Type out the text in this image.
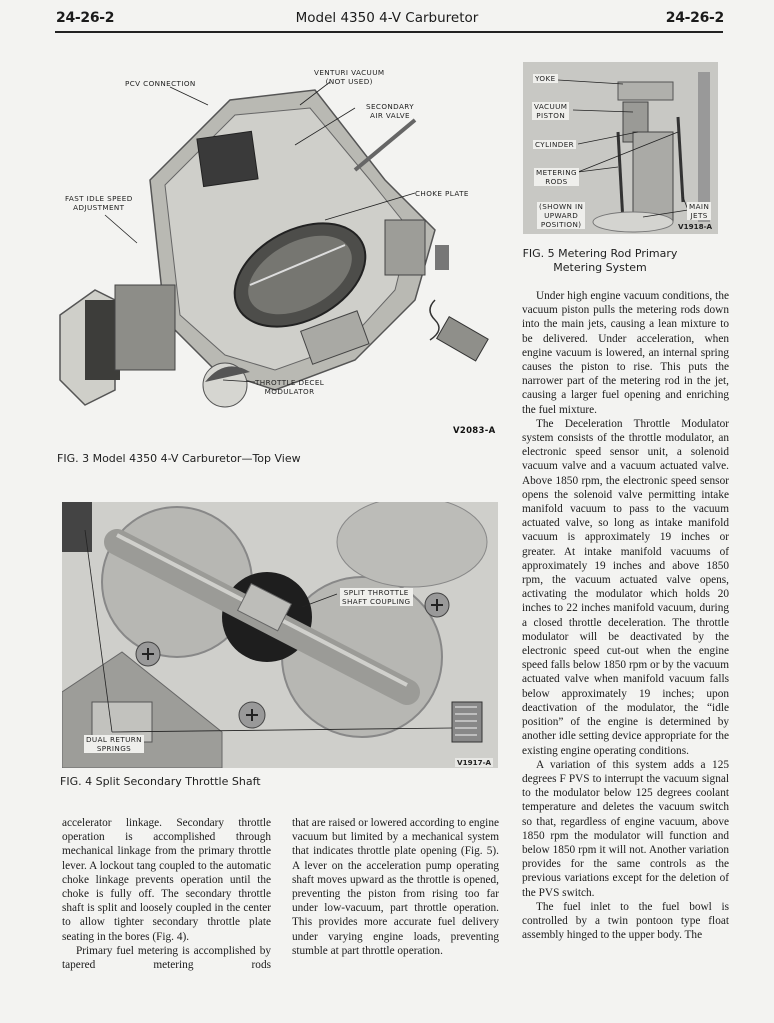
24-26-2	Model 4350 4-V Carburetor	24-26-2
PCV CONNECTION
VENTURI VACUUM
(NOT USED)
SECONDARY
AIR VALVE
FAST IDLE SPEED
ADJUSTMENT
CHOKE PLATE
THROTTLE DECEL
MODULATOR
V2083-A
FIG. 3 Model 4350 4-V Carburetor—Top View
SPLIT THROTTLE
SHAFT COUPLING
DUAL RETURN
SPRINGS
V1917-A
FIG. 4 Split Secondary Throttle Shaft
YOKE
VACUUM
PISTON
CYLINDER
METERING
RODS
(SHOWN IN
UPWARD
POSITION)
MAIN
JETS
V1918-A
FIG. 5 Metering Rod Primary
Metering System

accelerator linkage. Secondary throttle operation is accomplished through mechanical linkage from the primary throttle lever. A lockout tang coupled to the automatic choke linkage prevents operation until the choke is fully off. The secondary throttle shaft is split and loosely coupled in the center to allow tighter secondary throttle plate seating in the bores (Fig. 4).

Primary fuel metering is accomplished by tapered metering rods

that are raised or lowered according to engine vacuum but limited by a mechanical system that indicates throttle plate opening (Fig. 5). A lever on the acceleration pump operating shaft moves upward as the throttle is opened, preventing the piston from rising too far under low-vacuum, part throttle operation. This provides more accurate fuel delivery under varying engine loads, preventing stumble at part throttle operation.

Under high engine vacuum conditions, the vacuum piston pulls the metering rods down into the main jets, causing a lean mixture to be delivered. Under acceleration, when engine vacuum is lowered, an internal spring causes the piston to rise. This puts the narrower part of the metering rod in the jet, causing a larger fuel opening and enriching the fuel mixture.

The Deceleration Throttle Modulator system consists of the throttle modulator, an electronic speed sensor unit, a solenoid vacuum valve and a vacuum actuated valve. Above 1850 rpm, the electronic speed sensor opens the solenoid valve permitting intake manifold vacuum to pass to the vacuum actuated valve, so long as intake manifold vacuum is approximately 19 inches or greater. At intake manifold vacuums of approximately 19 inches and above 1850 rpm, the vacuum actuated valve opens, activating the modulator which holds 20 inches to 22 inches manifold vacuum, during a closed throttle deceleration. The throttle modulator will be deactivated by the electronic speed cut-out when the engine speed falls below 1850 rpm or by the vacuum actuated valve when manifold vacuum falls below approximately 19 inches; upon deactivation of the modulator, the “idle position” of the engine is determined by another idle setting device appropriate for the existing engine operating conditions.

A variation of this system adds a 125 degrees F PVS to interrupt the vacuum signal to the modulator below 125 degrees coolant temperature and deletes the vacuum switch so that, regardless of engine vacuum, above 1850 rpm the modulator will function and below 1850 rpm it will not. Another variation provides for the same controls as the previous variations except for the deletion of the PVS switch.

The fuel inlet to the fuel bowl is controlled by a twin pontoon type float assembly hinged to the upper body. The
